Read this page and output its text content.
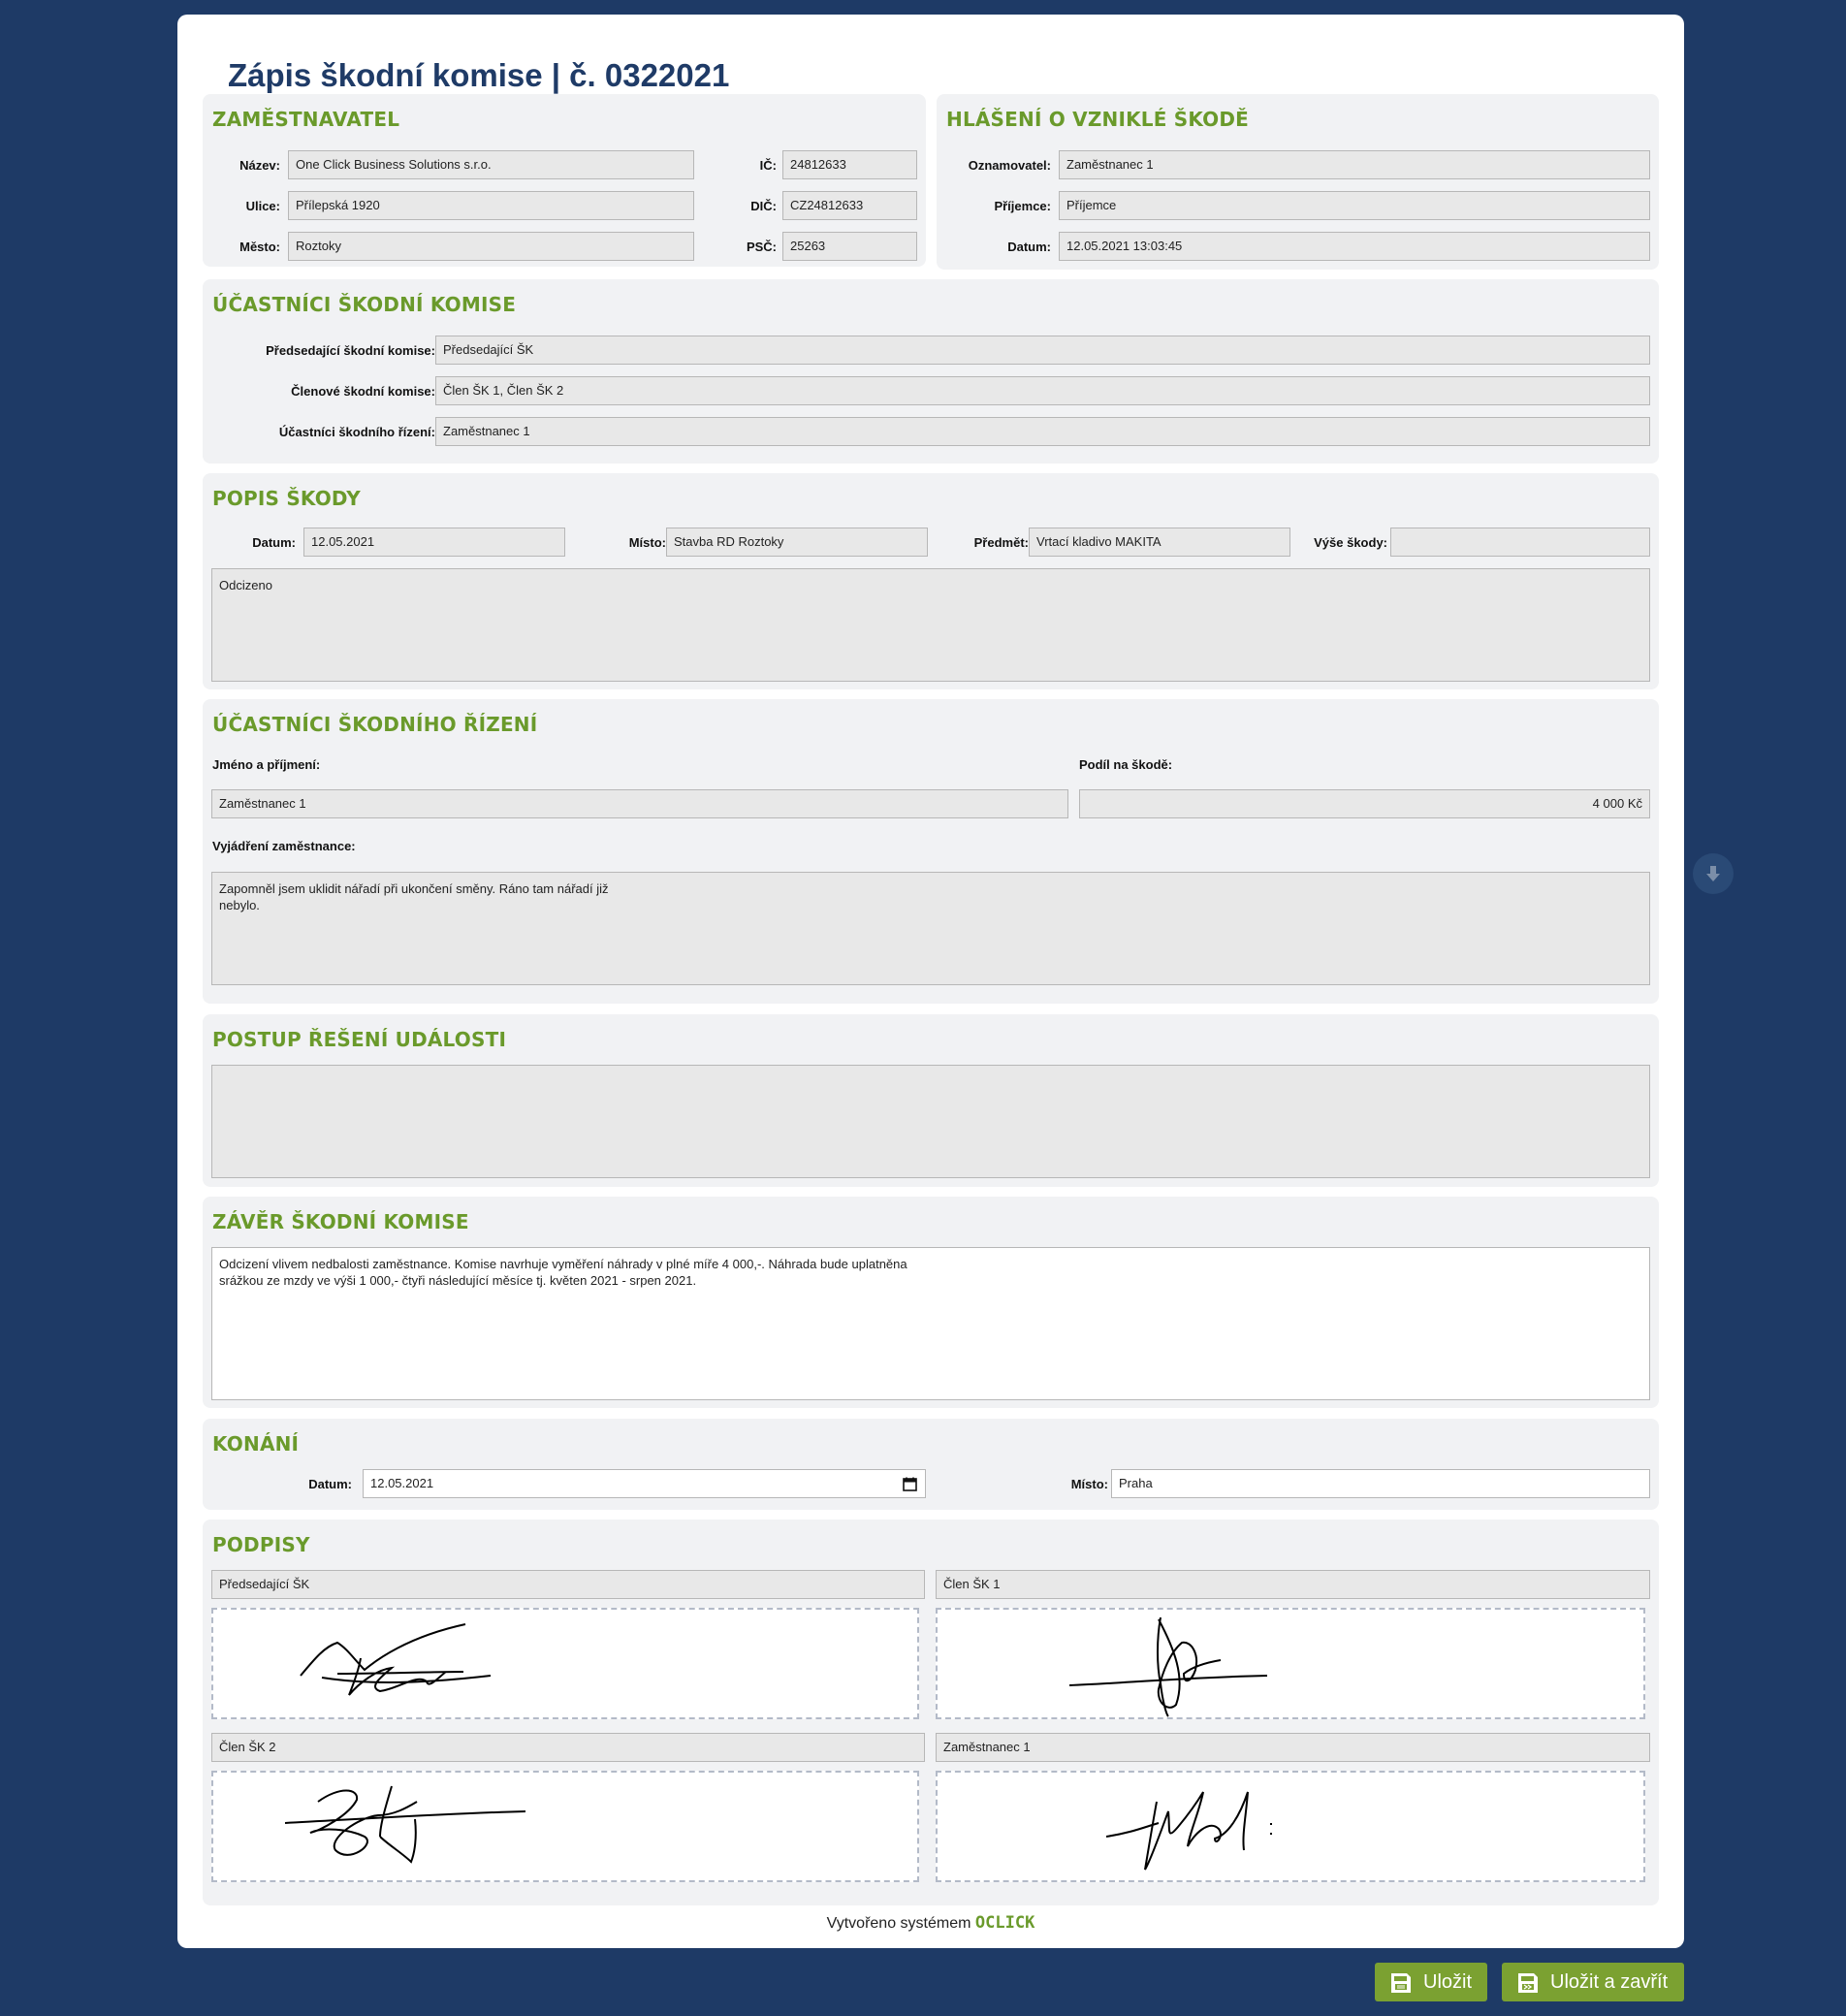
Zápis škodní komise | č. 0322021
ZAMĚSTNAVATEL
Název:	One Click Business Solutions s.r.o.
Ulice:	Přílepská 1920
Město:	Roztoky
IČ:	24812633
DIČ:	CZ24812633
PSČ:	25263
HLÁŠENÍ O VZNIKLÉ ŠKODĚ
Oznamovatel:	Zaměstnanec 1
Příjemce:	Příjemce
Datum:	12.05.2021 13:03:45
ÚČASTNÍCI ŠKODNÍ KOMISE
Předsedající škodní komise: Předsedající ŠK
Členové škodní komise: Člen ŠK 1, Člen ŠK 2
Účastníci škodního řízení: Zaměstnanec 1
POPIS ŠKODY
Datum:	12.05.2021	Místo: Stavba RD Roztoky	Předmět: Vrtací kladivo MAKITA	Výše škody:
Odcizeno
ÚČASTNÍCI ŠKODNÍHO ŘÍZENÍ
Jméno a příjmení:	Podíl na škodě:
Zaměstnanec 1	4 000 Kč
Vyjádření zaměstnance:
Zapomněl jsem uklidit nářadí při ukončení směny. Ráno tam nářadí již
nebylo.
POSTUP ŘEŠENÍ UDÁLOSTI
ZÁVĚR ŠKODNÍ KOMISE
Odcizení vlivem nedbalosti zaměstnance. Komise navrhuje vyměření náhrady v plné míře 4 000,-. Náhrada bude uplatněna
srážkou ze mzdy ve výši 1 000,- čtyři následující měsíce tj. květen 2021 - srpen 2021.
KONÁNÍ
Datum:	12.05.2021	Místo: Praha
PODPISY
Předsedající ŠK	Člen ŠK 1
Člen ŠK 2	Zaměstnanec 1
Vytvořeno systémem OCLICK
Uložit	Uložit a zavřít
